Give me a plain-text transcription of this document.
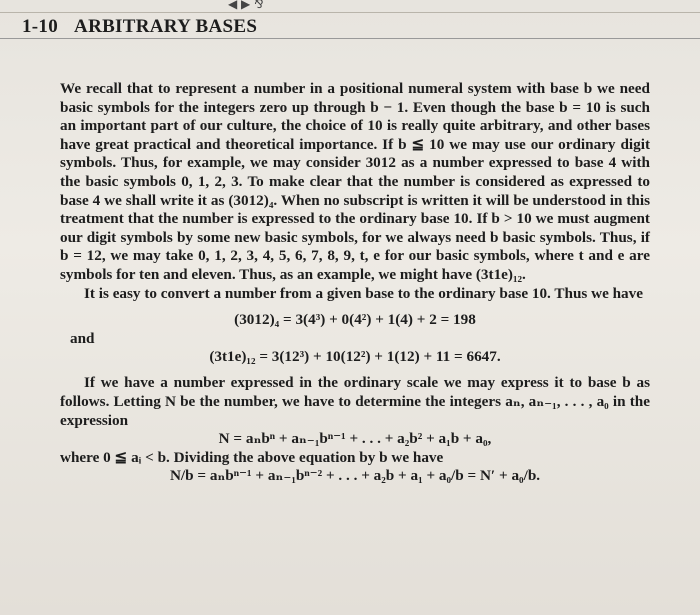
◀ ▶ ⅋
1-10 ARBITRARY BASES

We recall that to represent a number in a positional numeral system with base b we need basic symbols for the integers zero up through b − 1. Even though the base b = 10 is such an important part of our culture, the choice of 10 is really quite arbitrary, and other bases have great practical and theoretical importance. If b ≦ 10 we may use our ordinary digit symbols. Thus, for example, we may consider 3012 as a number expressed to base 4 with the basic symbols 0, 1, 2, 3. To make clear that the number is considered as expressed to base 4 we shall write it as (3012)₄. When no subscript is written it will be understood in this treatment that the number is expressed to the ordinary base 10. If b > 10 we must augment our digit symbols by some new basic symbols, for we always need b basic symbols. Thus, if b = 12, we may take 0, 1, 2, 3, 4, 5, 6, 7, 8, 9, t, e for our basic symbols, where t and e are symbols for ten and eleven. Thus, as an example, we might have (3t1e)₁₂.

It is easy to convert a number from a given base to the ordinary base 10. Thus we have

(3012)₄ = 3(4³) + 0(4²) + 1(4) + 2 = 198

and

(3t1e)₁₂ = 3(12³) + 10(12²) + 1(12) + 11 = 6647.

If we have a number expressed in the ordinary scale we may express it to base b as follows. Letting N be the number, we have to determine the integers aₙ, aₙ₋₁, . . . , a₀ in the expression

N = aₙbⁿ + aₙ₋₁bⁿ⁻¹ + . . . + a₂b² + a₁b + a₀,

where 0 ≦ aᵢ < b. Dividing the above equation by b we have

N/b = aₙbⁿ⁻¹ + aₙ₋₁bⁿ⁻² + . . . + a₂b + a₁ + a₀/b = N′ + a₀/b.
